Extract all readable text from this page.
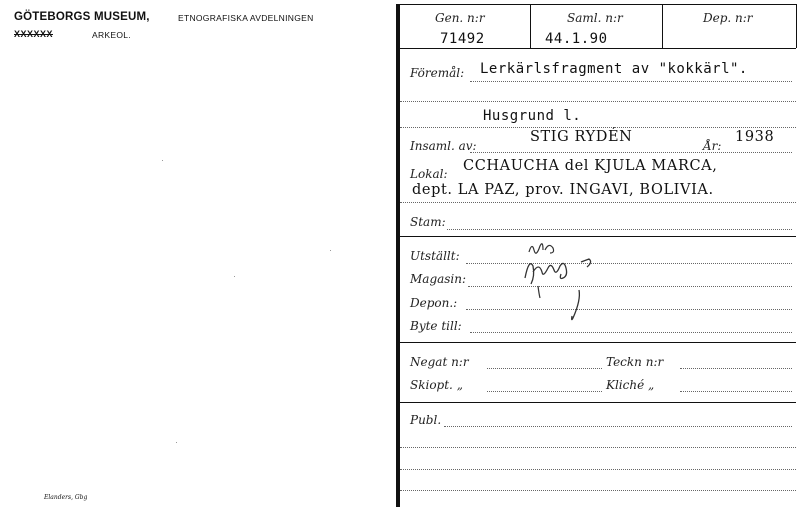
GÖTEBORGS MUSEUM,	ETNOGRAFISKA AVDELNINGEN
XXXXXX	ARKEOL.
Elanders, Gbg
Gen. n:r
71492
Saml. n:r
44.1.90
Dep. n:r
Föremål: Lerkärlsfragment av "kokkärl".
Husgrund l.
Insaml. av:
STIG RYDÉN
År:
1938
Lokal: CCHAUCHA del KJULA MARCA,
dept. LA PAZ, prov. INGAVI, BOLIVIA.
Stam:
Utställt:
Magasin:
Depon.:
Byte till:
Negat n:r	Teckn n:r
Skiopt. „	Kliché „
Publ.
